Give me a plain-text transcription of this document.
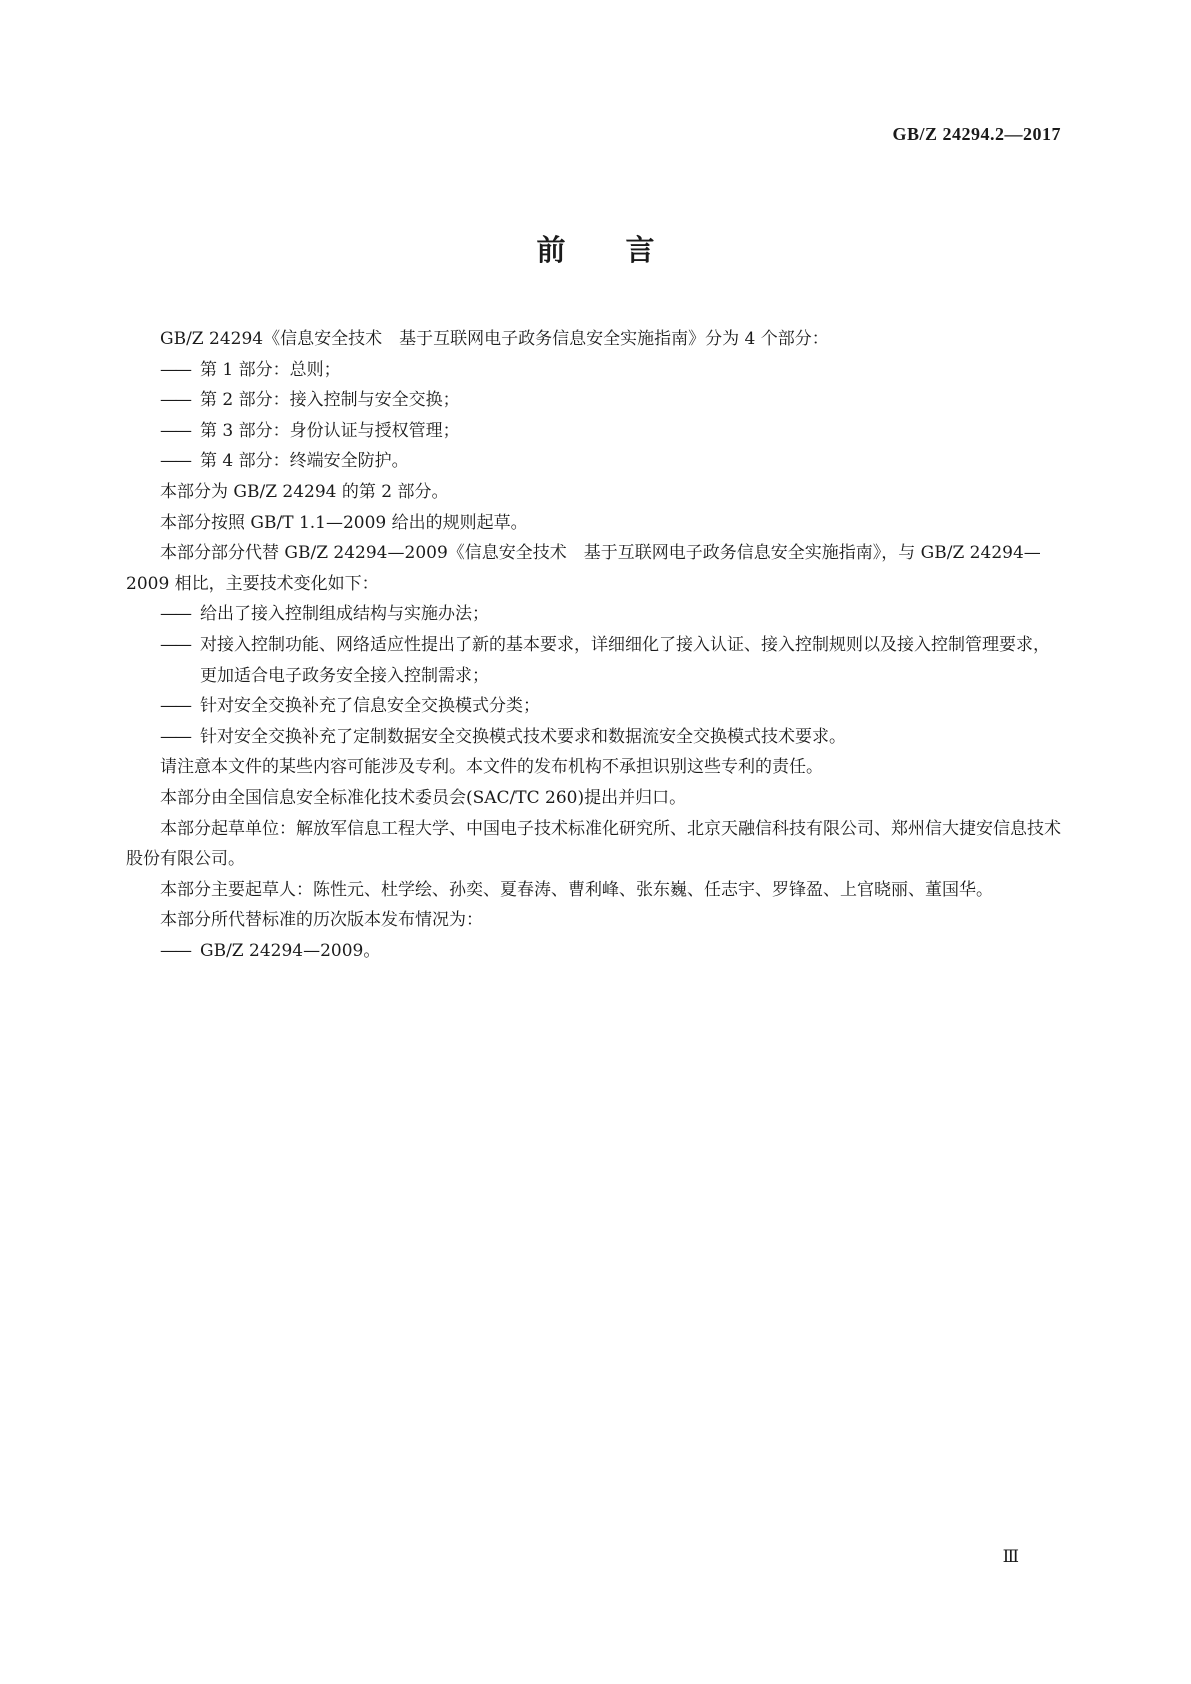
GB/Z 24294.2—2017
前言

GB/Z 24294《信息安全技术　基于互联网电子政务信息安全实施指南》分为 4 个部分：

—— 第 1 部分：总则；

—— 第 2 部分：接入控制与安全交换；

—— 第 3 部分：身份认证与授权管理；

—— 第 4 部分：终端安全防护。

本部分为 GB/Z 24294 的第 2 部分。

本部分按照 GB/T 1.1—2009 给出的规则起草。

本部分部分代替 GB/Z 24294—2009《信息安全技术　基于互联网电子政务信息安全实施指南》，与 GB/Z 24294—2009 相比，主要技术变化如下：

—— 给出了接入控制组成结构与实施办法；

—— 对接入控制功能、网络适应性提出了新的基本要求，详细细化了接入认证、接入控制规则以及接入控制管理要求，更加适合电子政务安全接入控制需求；

—— 针对安全交换补充了信息安全交换模式分类；

—— 针对安全交换补充了定制数据安全交换模式技术要求和数据流安全交换模式技术要求。

请注意本文件的某些内容可能涉及专利。本文件的发布机构不承担识别这些专利的责任。

本部分由全国信息安全标准化技术委员会(SAC/TC 260)提出并归口。

本部分起草单位：解放军信息工程大学、中国电子技术标准化研究所、北京天融信科技有限公司、郑州信大捷安信息技术股份有限公司。

本部分主要起草人：陈性元、杜学绘、孙奕、夏春涛、曹利峰、张东巍、任志宇、罗锋盈、上官晓丽、董国华。

本部分所代替标准的历次版本发布情况为：

—— GB/Z 24294—2009。

Ⅲ
